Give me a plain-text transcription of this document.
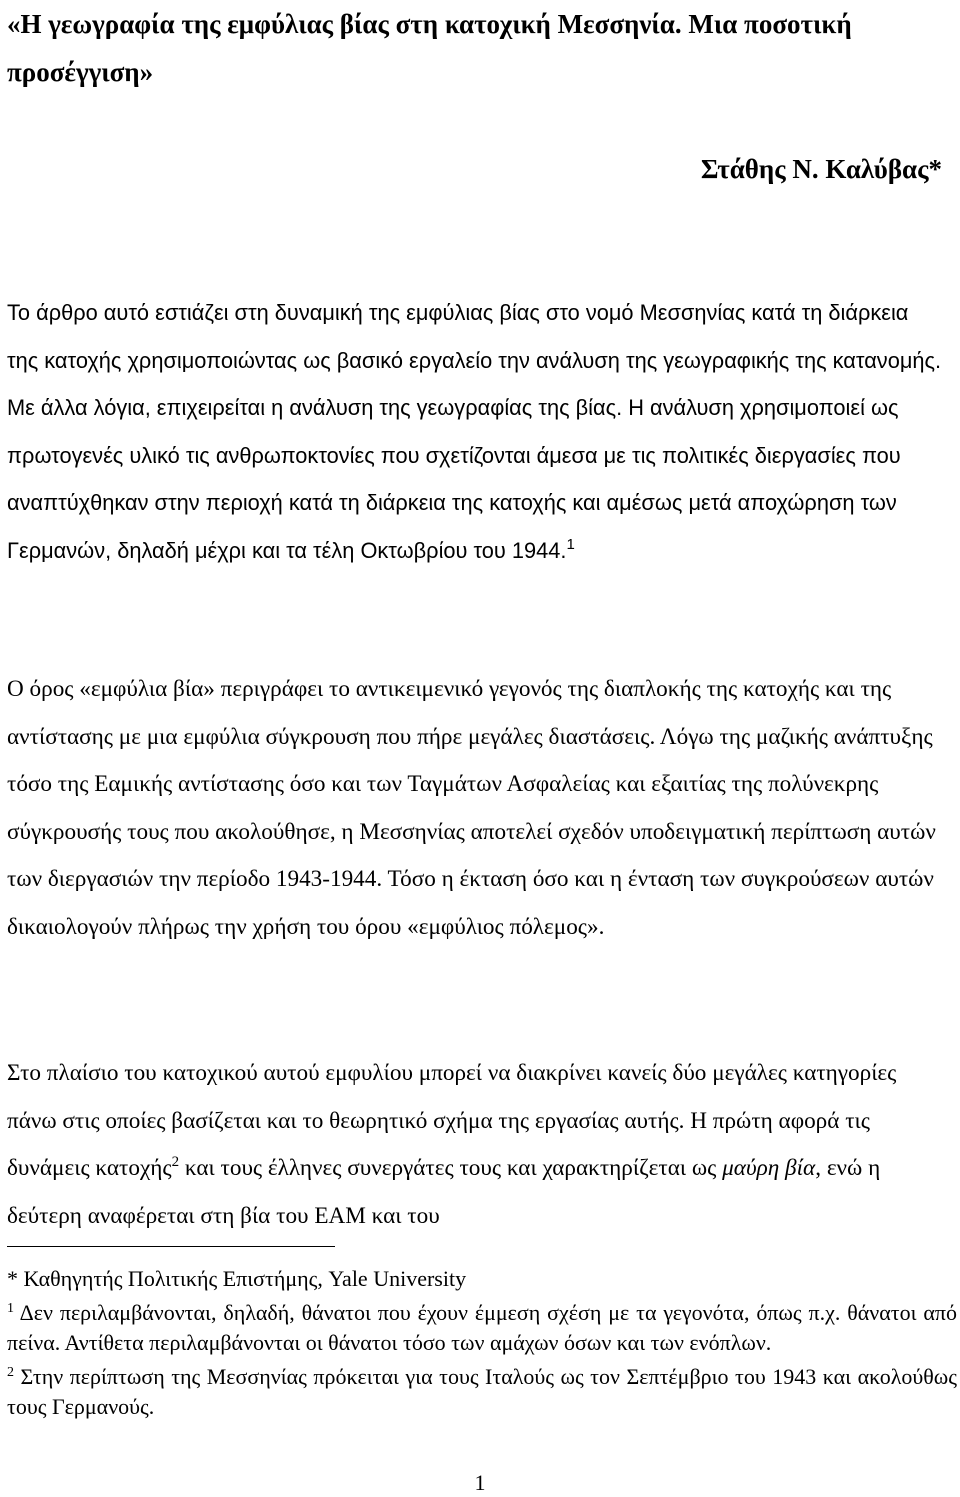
«Η γεωγραφία της εμφύλιας βίας στη κατοχική Μεσσηνία. Μια ποσοτική προσέγγιση»

Στάθης Ν. Καλύβας*

Το άρθρο αυτό εστιάζει στη δυναμική της εμφύλιας βίας στο νομό Μεσσηνίας κατά τη διάρκεια της κατοχής χρησιμοποιώντας ως βασικό εργαλείο την ανάλυση της γεωγραφικής της κατανομής. Με άλλα λόγια, επιχειρείται η ανάλυση της γεωγραφίας της βίας. Η ανάλυση χρησιμοποιεί ως πρωτογενές υλικό τις ανθρωποκτονίες που σχετίζονται άμεσα με τις πολιτικές διεργασίες που αναπτύχθηκαν στην περιοχή κατά τη διάρκεια της κατοχής και αμέσως μετά αποχώρηση των Γερμανών, δηλαδή μέχρι και τα τέλη Οκτωβρίου του 1944.$^1$

Ο όρος «εμφύλια βία» περιγράφει το αντικειμενικό γεγονός της διαπλοκής της κατοχής και της αντίστασης με μια εμφύλια σύγκρουση που πήρε μεγάλες διαστάσεις. Λόγω της μαζικής ανάπτυξης τόσο της Εαμικής αντίστασης όσο και των Ταγμάτων Ασφαλείας και εξαιτίας της πολύνεκρης σύγκρουσής τους που ακολούθησε, η Μεσσηνίας αποτελεί σχεδόν υποδειγματική περίπτωση αυτών των διεργασιών την περίοδο 1943-1944. Τόσο η έκταση όσο και η ένταση των συγκρούσεων αυτών δικαιολογούν πλήρως την χρήση του όρου «εμφύλιος πόλεμος».

Στο πλαίσιο του κατοχικού αυτού εμφυλίου μπορεί να διακρίνει κανείς δύο μεγάλες κατηγορίες πάνω στις οποίες βασίζεται και το θεωρητικό σχήμα της εργασίας αυτής. Η πρώτη αφορά τις δυνάμεις κατοχής$^2$ και τους έλληνες συνεργάτες τους και χαρακτηρίζεται ως μαύρη βία, ενώ η δεύτερη αναφέρεται στη βία του ΕΑΜ και του

* Καθηγητής Πολιτικής Επιστήμης, Yale University

$^1$ Δεν περιλαμβάνονται, δηλαδή, θάνατοι που έχουν έμμεση σχέση με τα γεγονότα, όπως π.χ. θάνατοι από πείνα. Αντίθετα περιλαμβάνονται οι θάνατοι τόσο των αμάχων όσων και των ενόπλων.

$^2$ Στην περίπτωση της Μεσσηνίας πρόκειται για τους Ιταλούς ως τον Σεπτέμβριο του 1943 και ακολούθως τους Γερμανούς.

1
